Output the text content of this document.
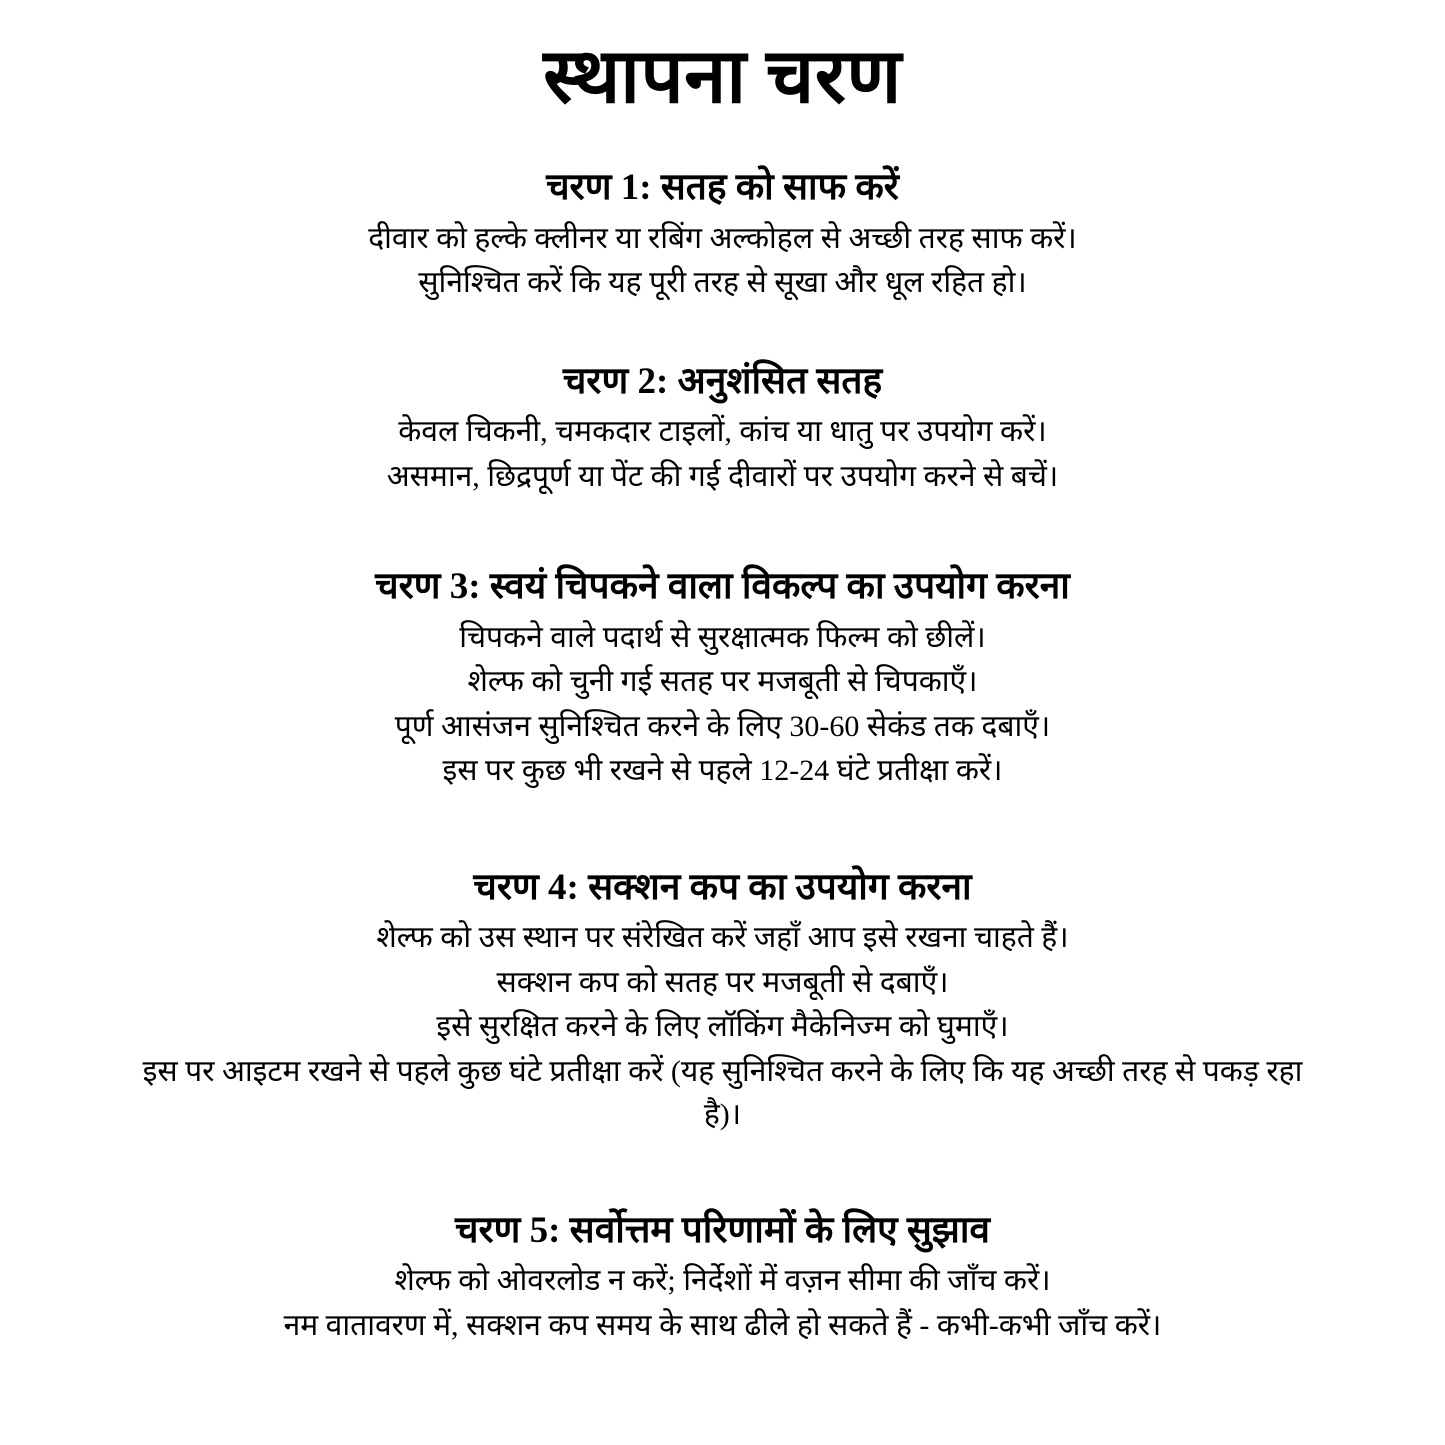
स्थापना चरण
चरण 1: सतह को साफ करें

दीवार को हल्के क्लीनर या रबिंग अल्कोहल से अच्छी तरह साफ करें।

सुनिश्चित करें कि यह पूरी तरह से सूखा और धूल रहित हो।

चरण 2: अनुशंसित सतह

केवल चिकनी, चमकदार टाइलों, कांच या धातु पर उपयोग करें।

असमान, छिद्रपूर्ण या पेंट की गई दीवारों पर उपयोग करने से बचें।

चरण 3: स्वयं चिपकने वाला विकल्प का उपयोग करना

चिपकने वाले पदार्थ से सुरक्षात्मक फिल्म को छीलें।

शेल्फ को चुनी गई सतह पर मजबूती से चिपकाएँ।

पूर्ण आसंजन सुनिश्चित करने के लिए 30-60 सेकंड तक दबाएँ।

इस पर कुछ भी रखने से पहले 12-24 घंटे प्रतीक्षा करें।

चरण 4: सक्शन कप का उपयोग करना

शेल्फ को उस स्थान पर संरेखित करें जहाँ आप इसे रखना चाहते हैं।

सक्शन कप को सतह पर मजबूती से दबाएँ।

इसे सुरक्षित करने के लिए लॉकिंग मैकेनिज्म को घुमाएँ।

इस पर आइटम रखने से पहले कुछ घंटे प्रतीक्षा करें (यह सुनिश्चित करने के लिए कि यह अच्छी तरह से पकड़ रहा है)।

चरण 5: सर्वोत्तम परिणामों के लिए सुझाव

शेल्फ को ओवरलोड न करें; निर्देशों में वज़न सीमा की जाँच करें।

नम वातावरण में, सक्शन कप समय के साथ ढीले हो सकते हैं - कभी-कभी जाँच करें।
